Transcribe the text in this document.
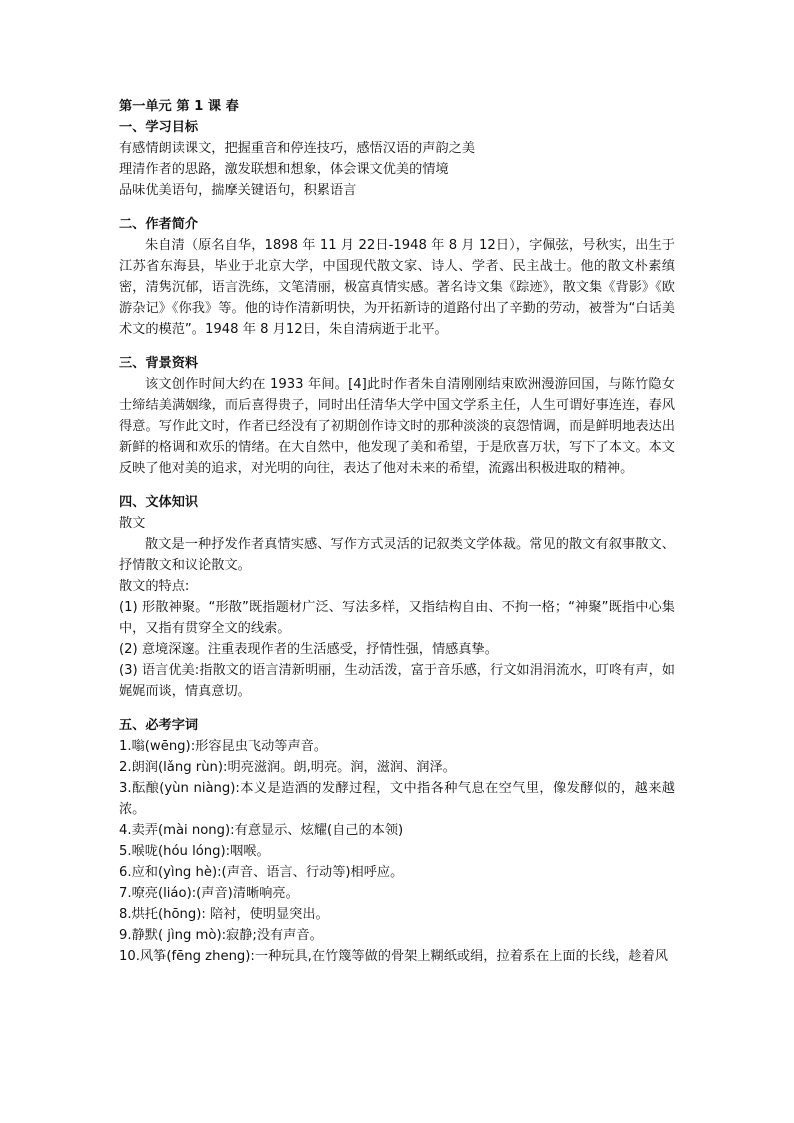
第一单元 第 1 课 春
一、学习目标
有感情朗读课文，把握重音和停连技巧，感悟汉语的声韵之美
理清作者的思路，激发联想和想象，体会课文优美的情境
品味优美语句，揣摩关键语句，积累语言
二、作者简介
朱自清（原名自华，1898 年 11 月 22日-1948 年 8 月 12日），字佩弦，号秋实，出生于江苏省东海县，毕业于北京大学，中国现代散文家、诗人、学者、民主战士。他的散文朴素缜密，清隽沉郁，语言洗练，文笔清丽，极富真情实感。著名诗文集《踪迹》，散文集《背影》《欧游杂记》《你我》等。他的诗作清新明快，为开拓新诗的道路付出了辛勤的劳动，被誉为“白话美术文的模范”。1948 年 8 月12日，朱自清病逝于北平。
三、背景资料
该文创作时间大约在 1933 年间。[4]此时作者朱自清刚刚结束欧洲漫游回国，与陈竹隐女士缔结美满姻缘，而后喜得贵子，同时出任清华大学中国文学系主任，人生可谓好事连连，春风得意。写作此文时，作者已经没有了初期创作诗文时的那种淡淡的哀怨情调，而是鲜明地表达出新鲜的格调和欢乐的情绪。在大自然中，他发现了美和希望，于是欣喜万状，写下了本文。本文反映了他对美的追求，对光明的向往，表达了他对未来的希望，流露出积极进取的精神。
四、文体知识
散文
散文是一种抒发作者真情实感、写作方式灵活的记叙类文学体裁。常见的散文有叙事散文、抒情散文和议论散文。
散文的特点:
(1) 形散神聚。“形散”既指题材广泛、写法多样，又指结构自由、不拘一格；“神聚”既指中心集中，又指有贯穿全文的线索。
(2) 意境深邃。注重表现作者的生活感受，抒情性强，情感真挚。
(3) 语言优美:指散文的语言清新明丽，生动活泼，富于音乐感，行文如涓涓流水，叮咚有声，如娓娓而谈，情真意切。
五、必考字词
1.嗡(wēng):形容昆虫飞动等声音。
2.朗润(lǎng rùn):明亮滋润。朗,明亮。润，滋润、润泽。
3.酝酿(yùn niàng):本义是造酒的发酵过程，文中指各种气息在空气里，像发酵似的，越来越浓。
4.卖弄(mài nong):有意显示、炫耀(自己的本领)
5.喉咙(hóu lóng):咽喉。
6.应和(yìng hè):(声音、语言、行动等)相呼应。
7.嘹亮(liáo):(声音)清晰响亮。
8.烘托(hōng): 陪衬，使明显突出。
9.静默( jìng mò):寂静;没有声音。
10.风筝(fēng zheng):一种玩具,在竹篾等做的骨架上糊纸或绢，拉着系在上面的长线，趁着风
